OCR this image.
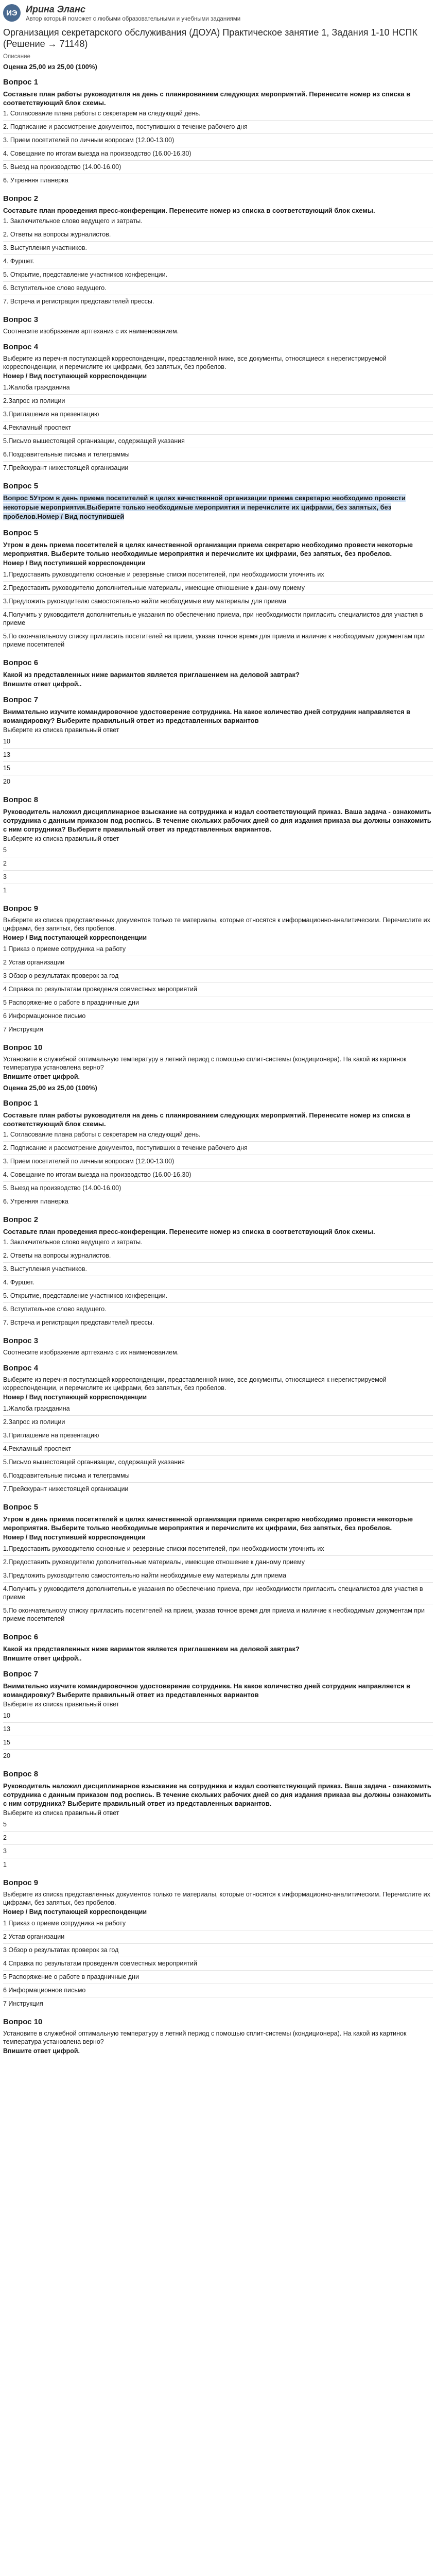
ИЭ Ирина Эланс
Автор который поможет с любыми образовательными и учебными заданиями
Организация секретарского обслуживания (ДОУА) Практическое занятие 1, Задания 1-10 НСПК (Решение → 71148)
Описание
Оценка 25,00 из 25,00 (100%)
Вопрос 1
Составьте план работы руководителя на день с планированием следующих мероприятий. Перенесите номер из списка в соответствующий блок схемы.
1. Согласование плана работы с секретарем на следующий день.
2. Подписание и рассмотрение документов, поступивших в течение рабочего дня
3. Прием посетителей по личным вопросам (12.00-13.00)
4. Совещание по итогам выезда на производство (16.00-16.30)
5. Выезд на производство (14.00-16.00)
6. Утренняя планерка
Вопрос 2
Составьте план проведения пресс-конференции. Перенесите номер из списка в соответствующий блок схемы.
1. Заключительное слово ведущего и затраты.
2. Ответы на вопросы журналистов.
3. Выступления участников.
4. Фуршет.
5. Открытие, представление участников конференции.
6. Вступительное слово ведущего.
7. Встреча и регистрация представителей прессы.
Вопрос 3
Соотнесите изображение артгеханиз с их наименованием.
Вопрос 4
Выберите из перечня поступающей корреспонденции, представленной ниже, все документы, относящиеся к нерегистрируемой корреспонденции, и перечислите их цифрами, без запятых, без пробелов.
Номер / Вид поступающей корреспонденции
1.Жалоба гражданина
2.Запрос из полиции
3.Приглашение на презентацию
4.Рекламный проспект
5.Письмо вышестоящей организации, содержащей указания
6.Поздравительные письма и телеграммы
7.Прейскурант нижестоящей организации
Вопрос 5
Вопрос 5Утром в день приема посетителей в целях качественной организации приема секретарю необходимо провести некоторые мероприятия.Выберите только необходимые мероприятия и перечислите их цифрами, без запятых, без пробелов.Номер / Вид поступившей
Вопрос 5
Утром в день приема посетителей в целях качественной организации приема секретарю необходимо провести некоторые мероприятия. Выберите только необходимые мероприятия и перечислите их цифрами, без запятых, без пробелов.
Номер / Вид поступившей корреспонденции
1.Предоставить руководителю основные и резервные списки посетителей, при необходимости уточнить их
2.Предоставить руководителю дополнительные материалы, имеющие отношение к данному приему
3.Предложить руководителю самостоятельно найти необходимые ему материалы для приема
4.Получить у руководителя дополнительные указания по обеспечению приема, при необходимости пригласить специалистов для участия в приеме
5.По окончательному списку пригласить посетителей на прием, указав точное время для приема и наличие к необходимым документам при приеме посетителей
Вопрос 6
Какой из представленных ниже вариантов является приглашением на деловой завтрак?
Впишите ответ цифрой..
Вопрос 7
Внимательно изучите командировочное удостоверение сотрудника. На какое количество дней сотрудник направляется в командировку? Выберите правильный ответ из представленных вариантов
Выберите из списка правильный ответ
10
13
15
20
Вопрос 8
Руководитель наложил дисциплинарное взыскание на сотрудника и издал соответствующий приказ. Ваша задача - ознакомить сотрудника с данным приказом под роспись. В течение скольких рабочих дней со дня издания приказа вы должны ознакомить с ним сотрудника? Выберите правильный ответ из представленных вариантов.
Выберите из списка правильный ответ
5
2
3
1
Вопрос 9
Выберите из списка представленных документов только те материалы, которые относятся к информационно-аналитическим. Перечислите их цифрами, без запятых, без пробелов.
Номер / Вид поступающей корреспонденции
1 Приказ о приеме сотрудника на работу
2 Устав организации
3 Обзор о результатах проверок за год
4 Справка по результатам проведения совместных мероприятий
5 Распоряжение о работе в праздничные дни
6 Информационное письмо
7 Инструкция
Вопрос 10
Установите в служебной оптимальную температуру в летний период с помощью сплит-системы (кондиционера). На какой из картинок температура установлена верно?
Впишите ответ цифрой.
Оценка 25,00 из 25,00 (100%)
Вопрос 1
Составьте план работы руководителя на день с планированием следующих мероприятий. Перенесите номер из списка в соответствующий блок схемы.
1. Согласование плана работы с секретарем на следующий день.
2. Подписание и рассмотрение документов, поступивших в течение рабочего дня
3. Прием посетителей по личным вопросам (12.00-13.00)
4. Совещание по итогам выезда на производство (16.00-16.30)
5. Выезд на производство (14.00-16.00)
6. Утренняя планерка
Вопрос 2
Составьте план проведения пресс-конференции. Перенесите номер из списка в соответствующий блок схемы.
1. Заключительное слово ведущего и затраты.
2. Ответы на вопросы журналистов.
3. Выступления участников.
4. Фуршет.
5. Открытие, представление участников конференции.
6. Вступительное слово ведущего.
7. Встреча и регистрация представителей прессы.
Вопрос 3
Соотнесите изображение артгеханиз с их наименованием.
Вопрос 4
Выберите из перечня поступающей корреспонденции, представленной ниже, все документы, относящиеся к нерегистрируемой корреспонденции, и перечислите их цифрами, без запятых, без пробелов.
Номер / Вид поступающей корреспонденции
1.Жалоба гражданина
2.Запрос из полиции
3.Приглашение на презентацию
4.Рекламный проспект
5.Письмо вышестоящей организации, содержащей указания
6.Поздравительные письма и телеграммы
7.Прейскурант нижестоящей организации
Вопрос 5
Утром в день приема посетителей в целях качественной организации приема секретарю необходимо провести некоторые мероприятия. Выберите только необходимые мероприятия и перечислите их цифрами, без запятых, без пробелов.
Номер / Вид поступившей корреспонденции
1.Предоставить руководителю основные и резервные списки посетителей, при необходимости уточнить их
2.Предоставить руководителю дополнительные материалы, имеющие отношение к данному приему
3.Предложить руководителю самостоятельно найти необходимые ему материалы для приема
4.Получить у руководителя дополнительные указания по обеспечению приема, при необходимости пригласить специалистов для участия в приеме
5.По окончательному списку пригласить посетителей на прием, указав точное время для приема и наличие к необходимым документам при приеме посетителей
Вопрос 6
Какой из представленных ниже вариантов является приглашением на деловой завтрак?
Впишите ответ цифрой..
Вопрос 7
Внимательно изучите командировочное удостоверение сотрудника. На какое количество дней сотрудник направляется в командировку? Выберите правильный ответ из представленных вариантов
Выберите из списка правильный ответ
10
13
15
20
Вопрос 8
Руководитель наложил дисциплинарное взыскание на сотрудника и издал соответствующий приказ. Ваша задача - ознакомить сотрудника с данным приказом под роспись. В течение скольких рабочих дней со дня издания приказа вы должны ознакомить с ним сотрудника? Выберите правильный ответ из представленных вариантов.
Выберите из списка правильный ответ
5
2
3
1
Вопрос 9
Выберите из списка представленных документов только те материалы, которые относятся к информационно-аналитическим. Перечислите их цифрами, без запятых, без пробелов.
Номер / Вид поступающей корреспонденции
1 Приказ о приеме сотрудника на работу
2 Устав организации
3 Обзор о результатах проверок за год
4 Справка по результатам проведения совместных мероприятий
5 Распоряжение о работе в праздничные дни
6 Информационное письмо
7 Инструкция
Вопрос 10
Установите в служебной оптимальную температуру в летний период с помощью сплит-системы (кондиционера). На какой из картинок температура установлена верно?
Впишите ответ цифрой.
